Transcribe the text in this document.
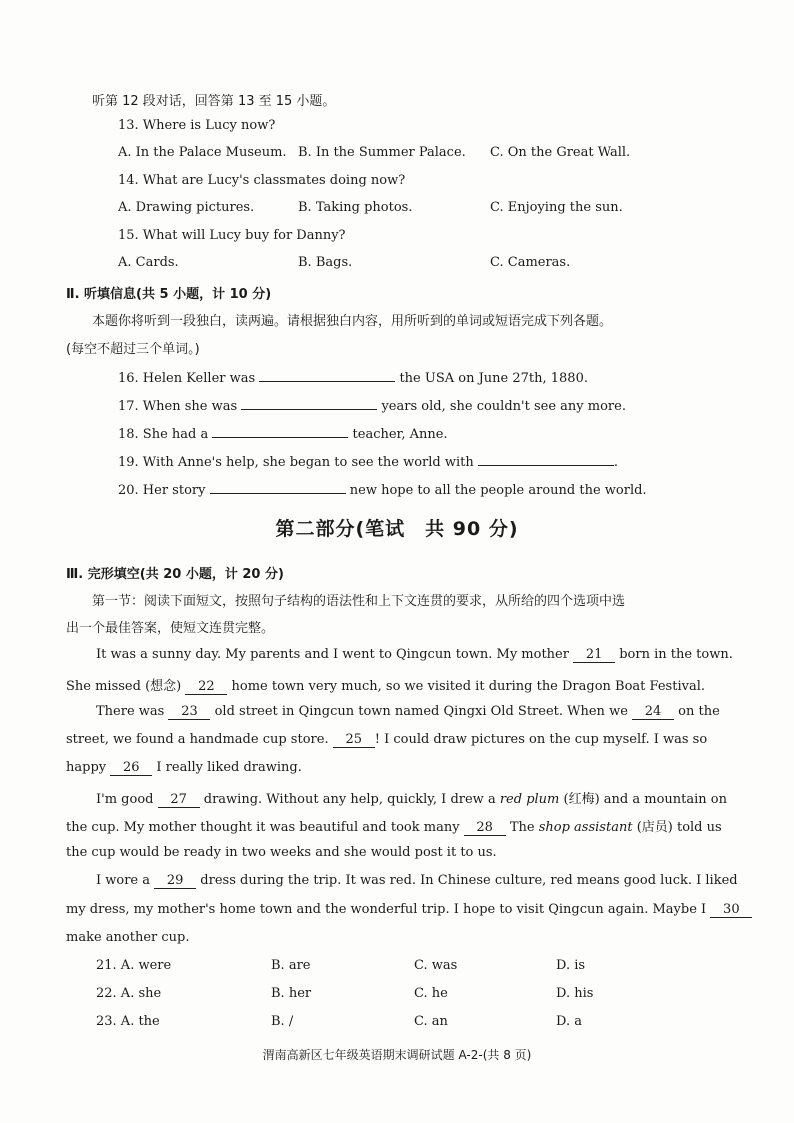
听第 12 段对话，回答第 13 至 15 小题。
13. Where is Lucy now?
A. In the Palace Museum. B. In the Summer Palace. C. On the Great Wall.
14. What are Lucy's classmates doing now?
A. Drawing pictures.	B. Taking photos.	C. Enjoying the sun.
15. What will Lucy buy for Danny?
A. Cards.	B. Bags.	C. Cameras.
Ⅱ. 听填信息(共 5 小题，计 10 分)
本题你将听到一段独白，读两遍。请根据独白内容，用所听到的单词或短语完成下列各题。
(每空不超过三个单词。)
16. Helen Keller was	the USA on June 27th, 1880.
17. When she was	years old, she couldn't see any more.
18. She had a	teacher, Anne.
19. With Anne's help, she began to see the world with	.
20. Her story	new hope to all the people around the world.
第二部分(笔试　共 90 分)
Ⅲ. 完形填空(共 20 小题，计 20 分)
第一节：阅读下面短文，按照句子结构的语法性和上下文连贯的要求，从所给的四个选项中选
出一个最佳答案，使短文连贯完整。
It was a sunny day. My parents and I went to Qingcun town. My mother 21 born in the town.
She missed (想念) 22 home town very much, so we visited it during the Dragon Boat Festival.
There was 23 old street in Qingcun town named Qingxi Old Street. When we 24 on the
street, we found a handmade cup store. 25 ! I could draw pictures on the cup myself. I was so
happy 26 I really liked drawing.
I'm good 27 drawing. Without any help, quickly, I drew a red plum (红梅) and a mountain on
the cup. My mother thought it was beautiful and took many 28 The shop assistant (店员) told us
the cup would be ready in two weeks and she would post it to us.
I wore a 29 dress during the trip. It was red. In Chinese culture, red means good luck. I liked
my dress, my mother's home town and the wonderful trip. I hope to visit Qingcun again. Maybe I 30
make another cup.
21. A. were	B. are	C. was	D. is
22. A. she	B. her	C. he	D. his
23. A. the	B. /	C. an	D. a
渭南高新区七年级英语期末调研试题 A-2-(共 8 页)
